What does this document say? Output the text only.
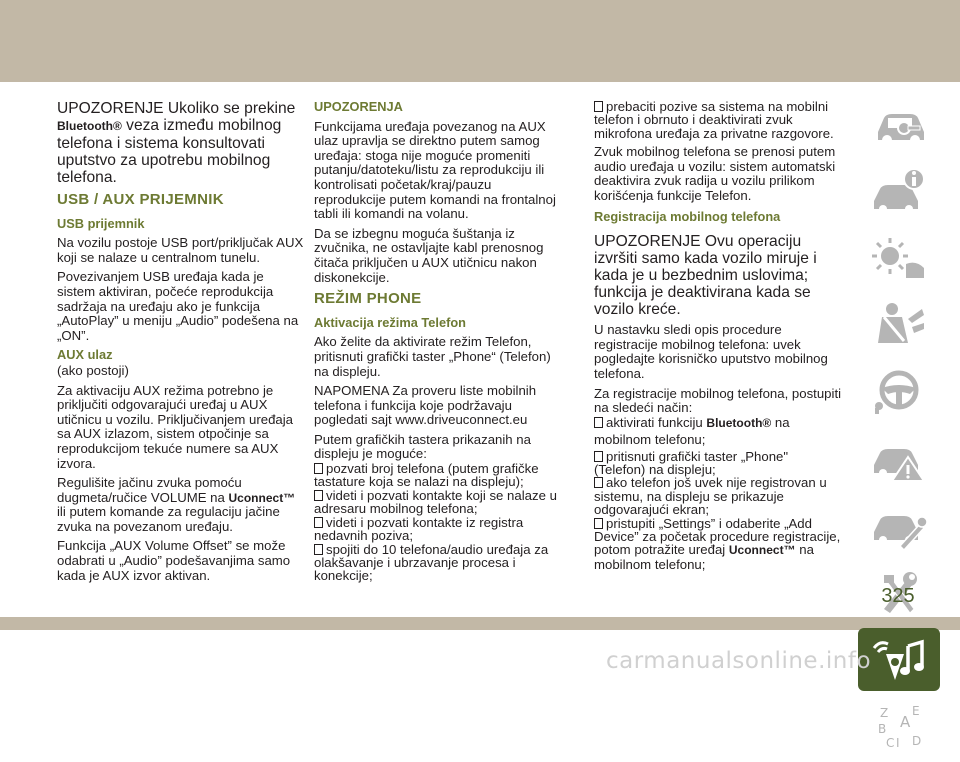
UPOZORENJE Ukoliko se prekine
Bluetooth® veza između mobilnog telefona i sistema konsultovati uputstvo za upotrebu mobilnog telefona.

USB / AUX PRIJEMNIK
USB prijemnik

Na vozilu postoje USB port/priključak AUX koji se nalaze u centralnom tunelu.

Povezivanjem USB uređaja kada je sistem aktiviran, počeće reprodukcija sadržaja na uređaju ako je funkcija „AutoPlay” u meniju „Audio” podešena na „ON”.

AUX ulaz

(ako postoji)

Za aktivaciju AUX režima potrebno je priključiti odgovarajući uređaj u AUX utičnicu u vozilu. Priključivanjem uređaja sa AUX izlazom, sistem otpočinje sa reprodukcijom tekuće numere sa AUX izvora.

Regulišite jačinu zvuka pomoću dugmeta/ručice VOLUME na Uconnect™ ili putem komande za regulaciju jačine zvuka na povezanom uređaju.

Funkcija „AUX Volume Offset” se može odabrati u „Audio” podešavanjima samo kada je AUX izvor aktivan.

UPOZORENJA

Funkcijama uređaja povezanog na AUX ulaz upravlja se direktno putem samog uređaja: stoga nije moguće promeniti putanju/datoteku/listu za reprodukciju ili kontrolisati početak/kraj/pauzu reprodukcije putem komandi na frontalnoj tabli ili komandi na volanu.

Da se izbegnu moguća šuštanja iz zvučnika, ne ostavljajte kabl prenosnog čitača priključen u AUX utičnicu nakon diskonekcije.

REŽIM PHONE
Aktivacija režima Telefon

Ako želite da aktivirate režim Telefon, pritisnuti grafički taster „Phone“ (Telefon) na displeju.

NAPOMENA Za proveru liste mobilnih telefona i funkcija koje podržavaju pogledati sajt www.driveuconnect.eu

Putem grafičkih tastera prikazanih na displeju je moguće:

pozvati broj telefona (putem grafičke tastature koja se nalazi na displeju);
videti i pozvati kontakte koji se nalaze u adresaru mobilnog telefona;
videti i pozvati kontakte iz registra nedavnih poziva;
spojiti do 10 telefona/audio uređaja za olakšavanje i ubrzavanje procesa i konekcije;
prebaciti pozive sa sistema na mobilni telefon i obrnuto i deaktivirati zvuk mikrofona uređaja za privatne razgovore.

Zvuk mobilnog telefona se prenosi putem audio uređaja u vozilu: sistem automatski deaktivira zvuk radija u vozilu prilikom korišćenja funkcije Telefon.

Registracija mobilnog telefona

UPOZORENJE Ovu operaciju izvršiti samo kada vozilo miruje i kada je u bezbednim uslovima; funkcija je deaktivirana kada se vozilo kreće.

U nastavku sledi opis procedure registracije mobilnog telefona: uvek pogledajte korisničko uputstvo mobilnog telefona.

Za registracije mobilnog telefona, postupiti na sledeći način:

aktivirati funkciju Bluetooth® na
mobilnom telefonu;
pritisnuti grafički taster „Phone" (Telefon) na displeju;
ako telefon još uvek nije registrovan u sistemu, na displeju se prikazuje odgovarajući ekran;
pristupiti „Settings” i odaberite „Add Device” za početak procedure registracije, potom potražite uređaj Uconnect™ na mobilnom telefonu;
Z E
A
B
C I D
325
carmanualsonline.info
